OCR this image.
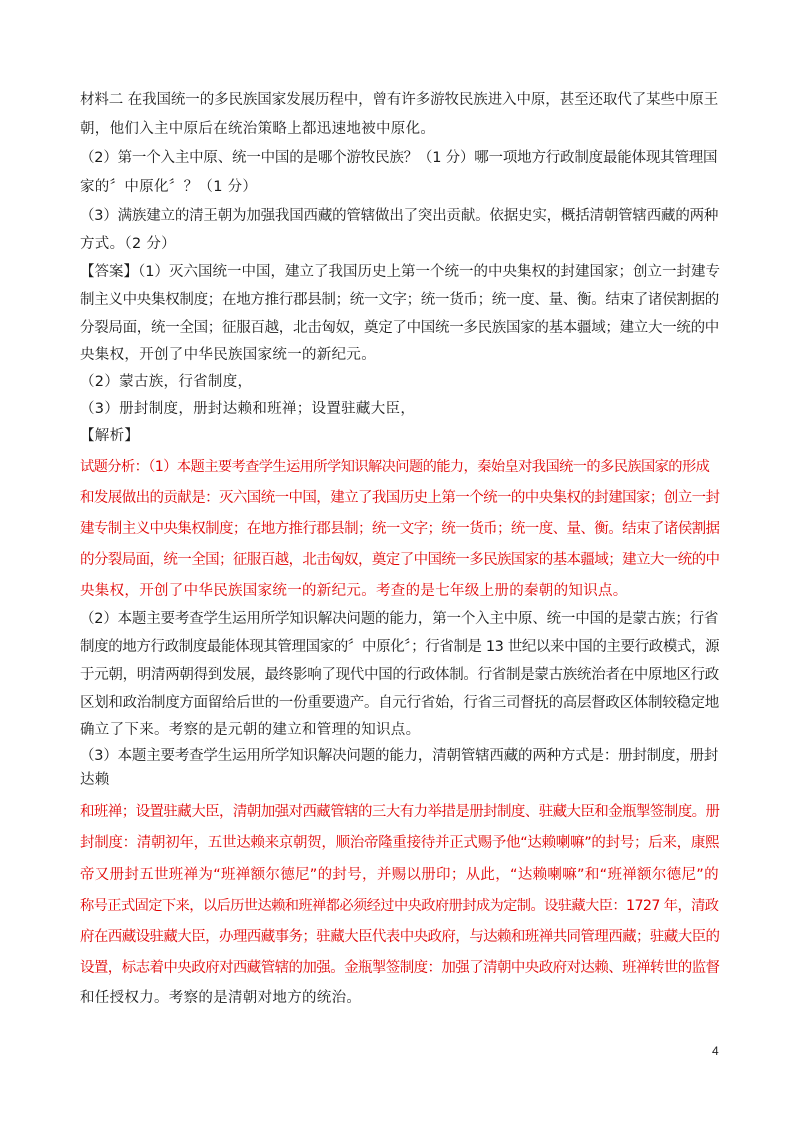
材料二 在我国统一的多民族国家发展历程中，曾有许多游牧民族进入中原，甚至还取代了某些中原王
朝，他们入主中原后在统治策略上都迅速地被中原化。
（2）第一个入主中原、统一中国的是哪个游牧民族？（1 分）哪一项地方行政制度最能体现其管理国
家的〞中原化〞？（1 分）
（3）满族建立的清王朝为加强我国西藏的管辖做出了突出贡献。依据史实，概括清朝管辖西藏的两种
方式。（2 分）
【答案】（1）灭六国统一中国，建立了我国历史上第一个统一的中央集权的封建国家；创立一封建专
制主义中央集权制度；在地方推行郡县制；统一文字；统一货币；统一度、量、衡。结束了诸侯割据的
分裂局面，统一全国；征服百越，北击匈奴，奠定了中国统一多民族国家的基本疆域；建立大一统的中
央集权，开创了中华民族国家统一的新纪元。
（2）蒙古族，行省制度，
（3）册封制度，册封达赖和班禅；设置驻藏大臣，
【解析】
试题分析：（1）本题主要考查学生运用所学知识解决问题的能力，秦始皇对我国统一的多民族国家的形成
和发展做出的贡献是：灭六国统一中国，建立了我国历史上第一个统一的中央集权的封建国家；创立一封
建专制主义中央集权制度；在地方推行郡县制；统一文字；统一货币；统一度、量、衡。结束了诸侯割据
的分裂局面，统一全国；征服百越，北击匈奴，奠定了中国统一多民族国家的基本疆域；建立大一统的中
央集权，开创了中华民族国家统一的新纪元。考查的是七年级上册的秦朝的知识点。
（2）本题主要考查学生运用所学知识解决问题的能力，第一个入主中原、统一中国的是蒙古族；行省
制度的地方行政制度最能体现其管理国家的〞中原化〞；行省制是 13 世纪以来中国的主要行政模式，源
于元朝，明清两朝得到发展，最终影响了现代中国的行政体制。行省制是蒙古族统治者在中原地区行政
区划和政治制度方面留给后世的一份重要遗产。自元行省始，行省三司督抚的高层督政区体制较稳定地
确立了下来。考察的是元朝的建立和管理的知识点。
（3）本题主要考查学生运用所学知识解决问题的能力，清朝管辖西藏的两种方式是：册封制度，册封
达赖
和班禅；设置驻藏大臣，清朝加强对西藏管辖的三大有力举措是册封制度、驻藏大臣和金瓶掣签制度。册
封制度：清朝初年，五世达赖来京朝贺，顺治帝隆重接待并正式赐予他“达赖喇嘛”的封号；后来，康熙
帝又册封五世班禅为“班禅额尔德尼”的封号，并赐以册印；从此，“达赖喇嘛”和“班禅额尔德尼”的
称号正式固定下来，以后历世达赖和班禅都必须经过中央政府册封成为定制。设驻藏大臣：1727 年，清政
府在西藏设驻藏大臣，办理西藏事务；驻藏大臣代表中央政府，与达赖和班禅共同管理西藏；驻藏大臣的
设置，标志着中央政府对西藏管辖的加强。金瓶掣签制度：加强了清朝中央政府对达赖、班禅转世的监督
和任授权力。考察的是清朝对地方的统治。
4
